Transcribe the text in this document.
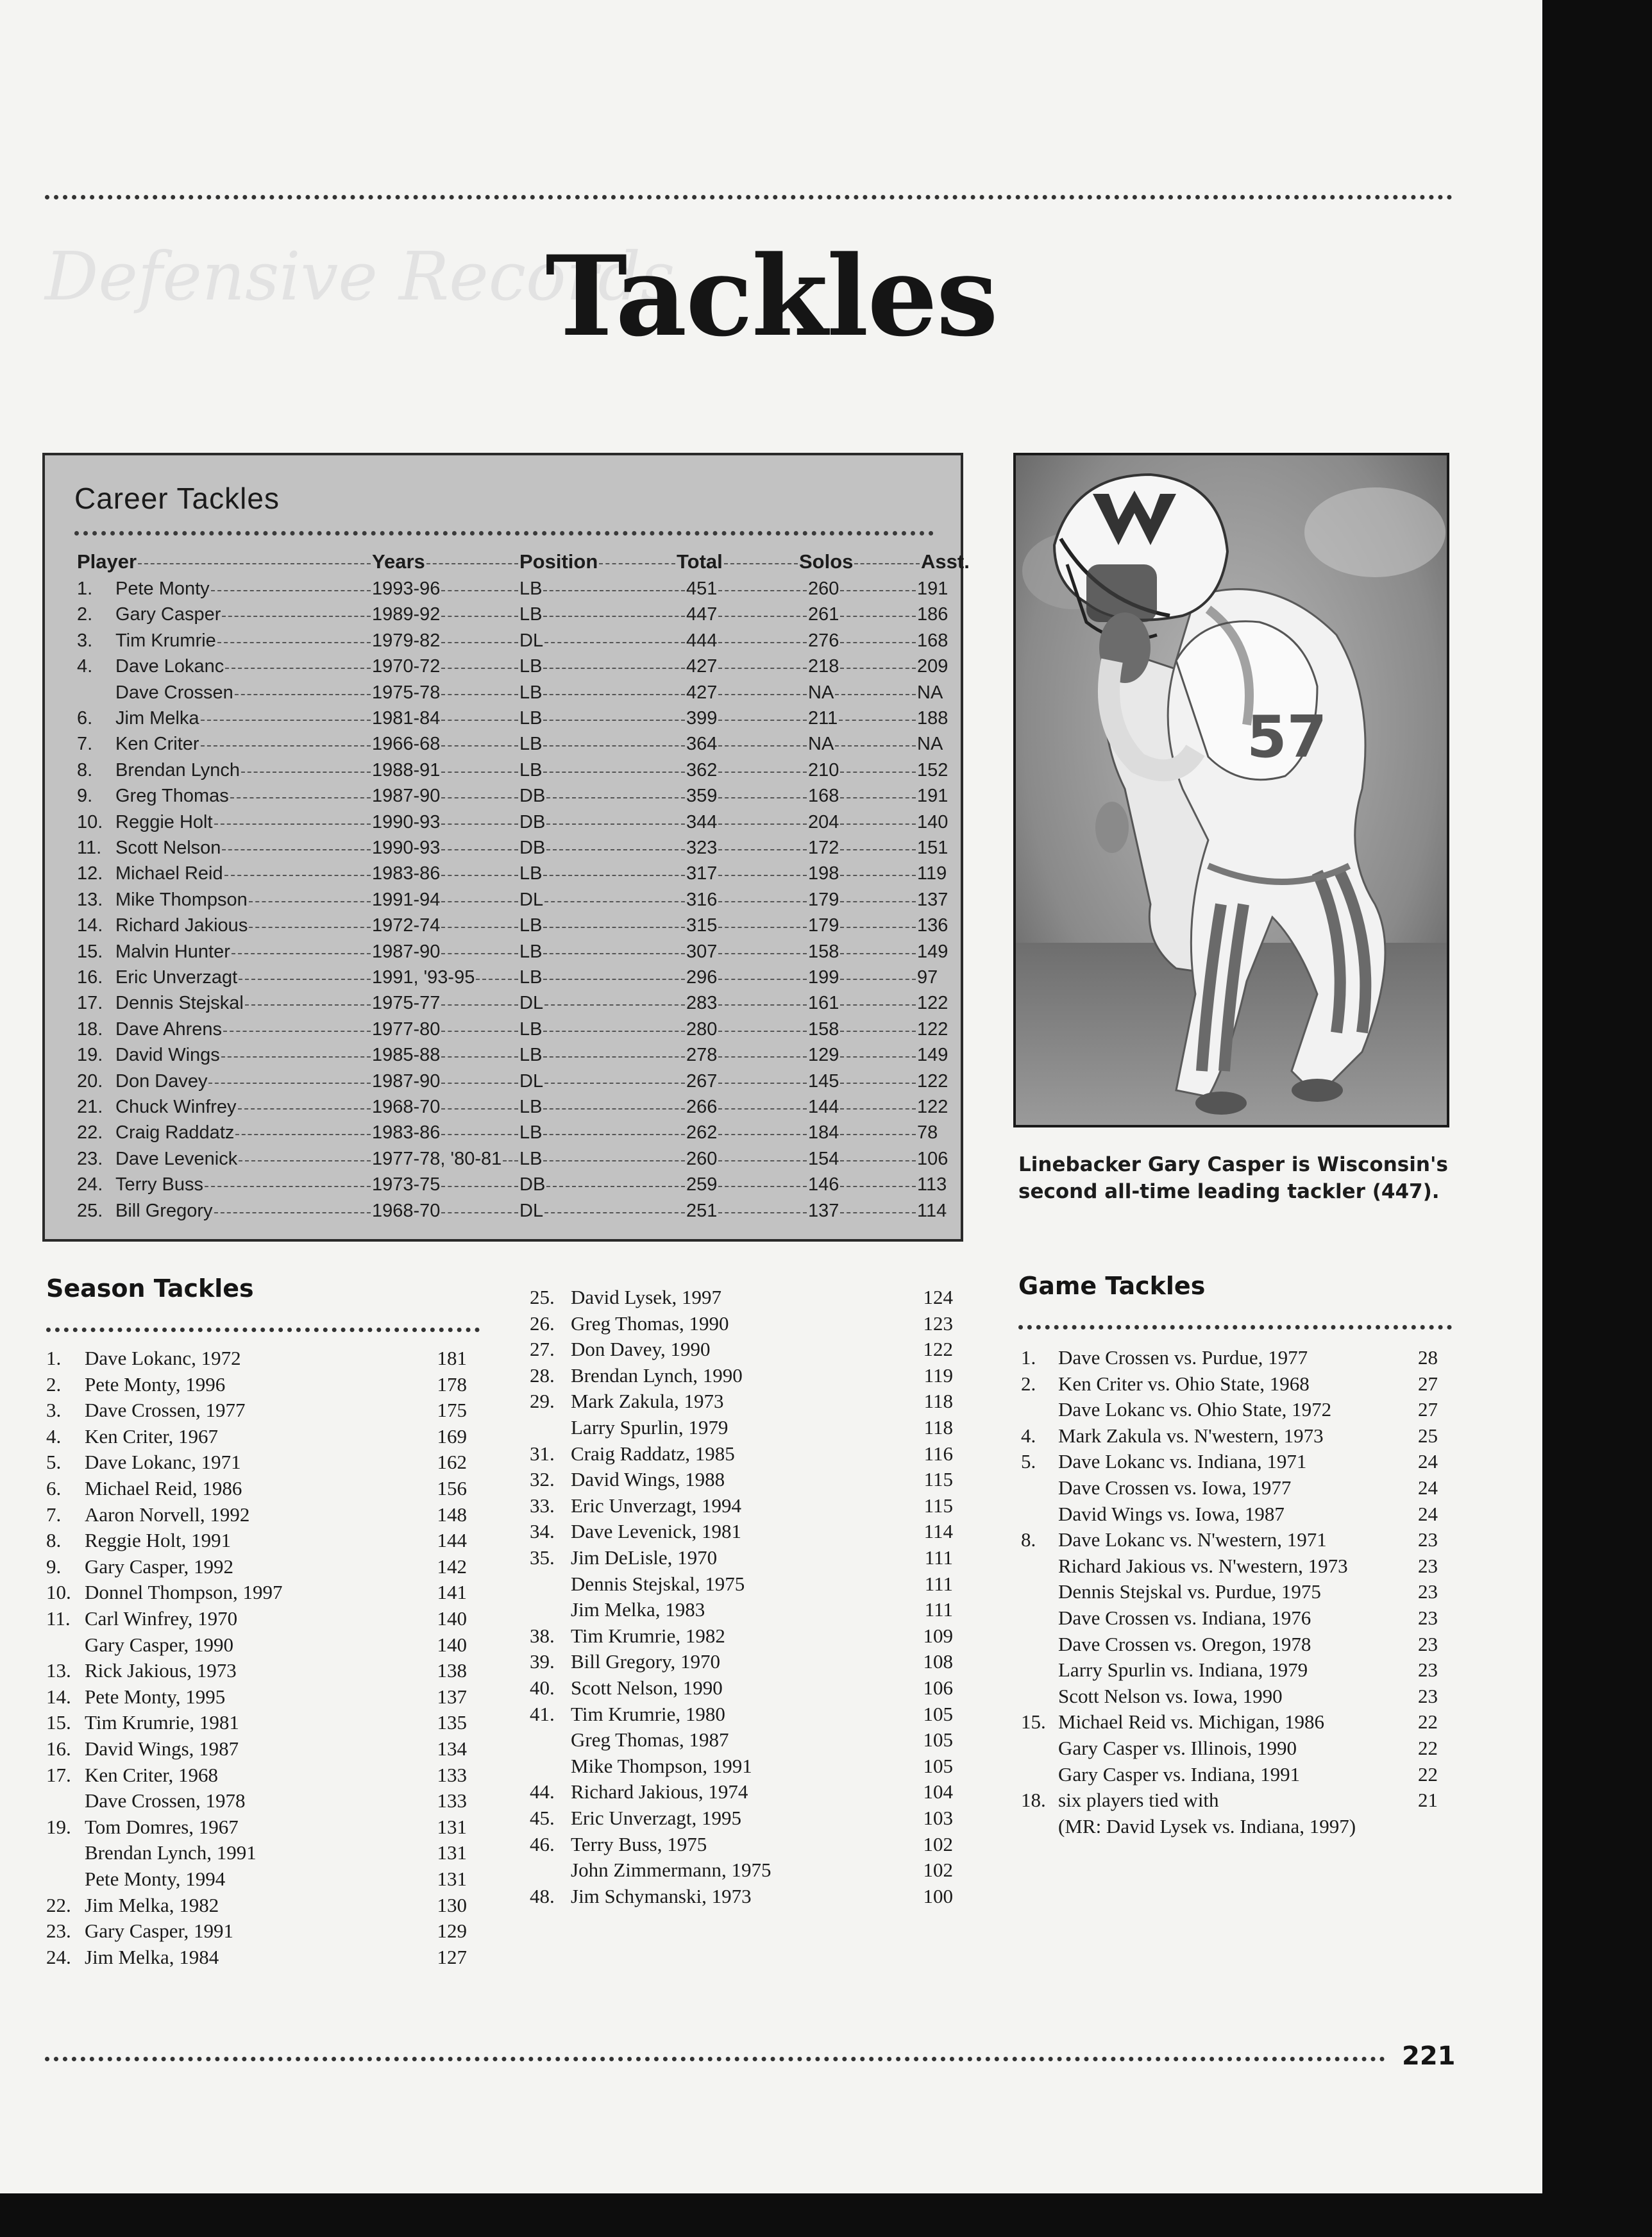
Defensive Records
Tackles
Career Tackles
Player	Years	Position	Total	Solos	Asst.
1. Pete Monty	1993-96	LB	451	260	191
2. Gary Casper	1989-92	LB	447	261	186
3. Tim Krumrie	1979-82	DL	444	276	168
4. Dave Lokanc	1970-72	LB	427	218	209
Dave Crossen	1975-78	LB	427	NA	NA
6. Jim Melka	1981-84	LB	399	211	188
7. Ken Criter	1966-68	LB	364	NA	NA
8. Brendan Lynch	1988-91	LB	362	210	152
9. Greg Thomas	1987-90	DB	359	168	191
10. Reggie Holt	1990-93	DB	344	204	140
11. Scott Nelson	1990-93	DB	323	172	151
12. Michael Reid	1983-86	LB	317	198	119
13. Mike Thompson	1991-94	DL	316	179	137
14. Richard Jakious	1972-74	LB	315	179	136
15. Malvin Hunter	1987-90	LB	307	158	149
16. Eric Unverzagt	1991, '93-95 LB	296	199	97
17. Dennis Stejskal	1975-77	DL	283	161	122
18. Dave Ahrens	1977-80	LB	280	158	122
19. David Wings	1985-88	LB	278	129	149
20. Don Davey	1987-90	DL	267	145	122
21. Chuck Winfrey	1968-70	LB	266	144	122
22. Craig Raddatz	1983-86	LB	262	184	78
23. Dave Levenick	1977-78, '80-81 LB	260	154	106
24. Terry Buss	1973-75	DB	259	146	113
25. Bill Gregory	1968-70	DL	251	137	114
57
Linebacker Gary Casper is Wisconsin's second all-time leading tackler (447).
Season Tackles
1. Dave Lokanc, 1972	181
2. Pete Monty, 1996	178
3. Dave Crossen, 1977	175
4. Ken Criter, 1967	169
5. Dave Lokanc, 1971	162
6. Michael Reid, 1986	156
7. Aaron Norvell, 1992	148
8. Reggie Holt, 1991	144
9. Gary Casper, 1992	142
10. Donnel Thompson, 1997	141
11. Carl Winfrey, 1970	140
Gary Casper, 1990	140
13. Rick Jakious, 1973	138
14. Pete Monty, 1995	137
15. Tim Krumrie, 1981	135
16. David Wings, 1987	134
17. Ken Criter, 1968	133
Dave Crossen, 1978	133
19. Tom Domres, 1967	131
Brendan Lynch, 1991	131
Pete Monty, 1994	131
22. Jim Melka, 1982	130
23. Gary Casper, 1991	129
24. Jim Melka, 1984	127
25. David Lysek, 1997	124
26. Greg Thomas, 1990	123
27. Don Davey, 1990	122
28. Brendan Lynch, 1990	119
29. Mark Zakula, 1973	118
Larry Spurlin, 1979	118
31. Craig Raddatz, 1985	116
32. David Wings, 1988	115
33. Eric Unverzagt, 1994	115
34. Dave Levenick, 1981	114
35. Jim DeLisle, 1970	111
Dennis Stejskal, 1975	111
Jim Melka, 1983	111
38. Tim Krumrie, 1982	109
39. Bill Gregory, 1970	108
40. Scott Nelson, 1990	106
41. Tim Krumrie, 1980	105
Greg Thomas, 1987	105
Mike Thompson, 1991	105
44. Richard Jakious, 1974	104
45. Eric Unverzagt, 1995	103
46. Terry Buss, 1975	102
John Zimmermann, 1975	102
48. Jim Schymanski, 1973	100
Game Tackles
1. Dave Crossen vs. Purdue, 1977	28
2. Ken Criter vs. Ohio State, 1968	27
Dave Lokanc vs. Ohio State, 1972	27
4. Mark Zakula vs. N'western, 1973	25
5. Dave Lokanc vs. Indiana, 1971	24
Dave Crossen vs. Iowa, 1977	24
David Wings vs. Iowa, 1987	24
8. Dave Lokanc vs. N'western, 1971	23
Richard Jakious vs. N'western, 1973	23
Dennis Stejskal vs. Purdue, 1975	23
Dave Crossen vs. Indiana, 1976	23
Dave Crossen vs. Oregon, 1978	23
Larry Spurlin vs. Indiana, 1979	23
Scott Nelson vs. Iowa, 1990	23
15. Michael Reid vs. Michigan, 1986	22
Gary Casper vs. Illinois, 1990	22
Gary Casper vs. Indiana, 1991	22
18. six players tied with	21
(MR: David Lysek vs. Indiana, 1997)
221
